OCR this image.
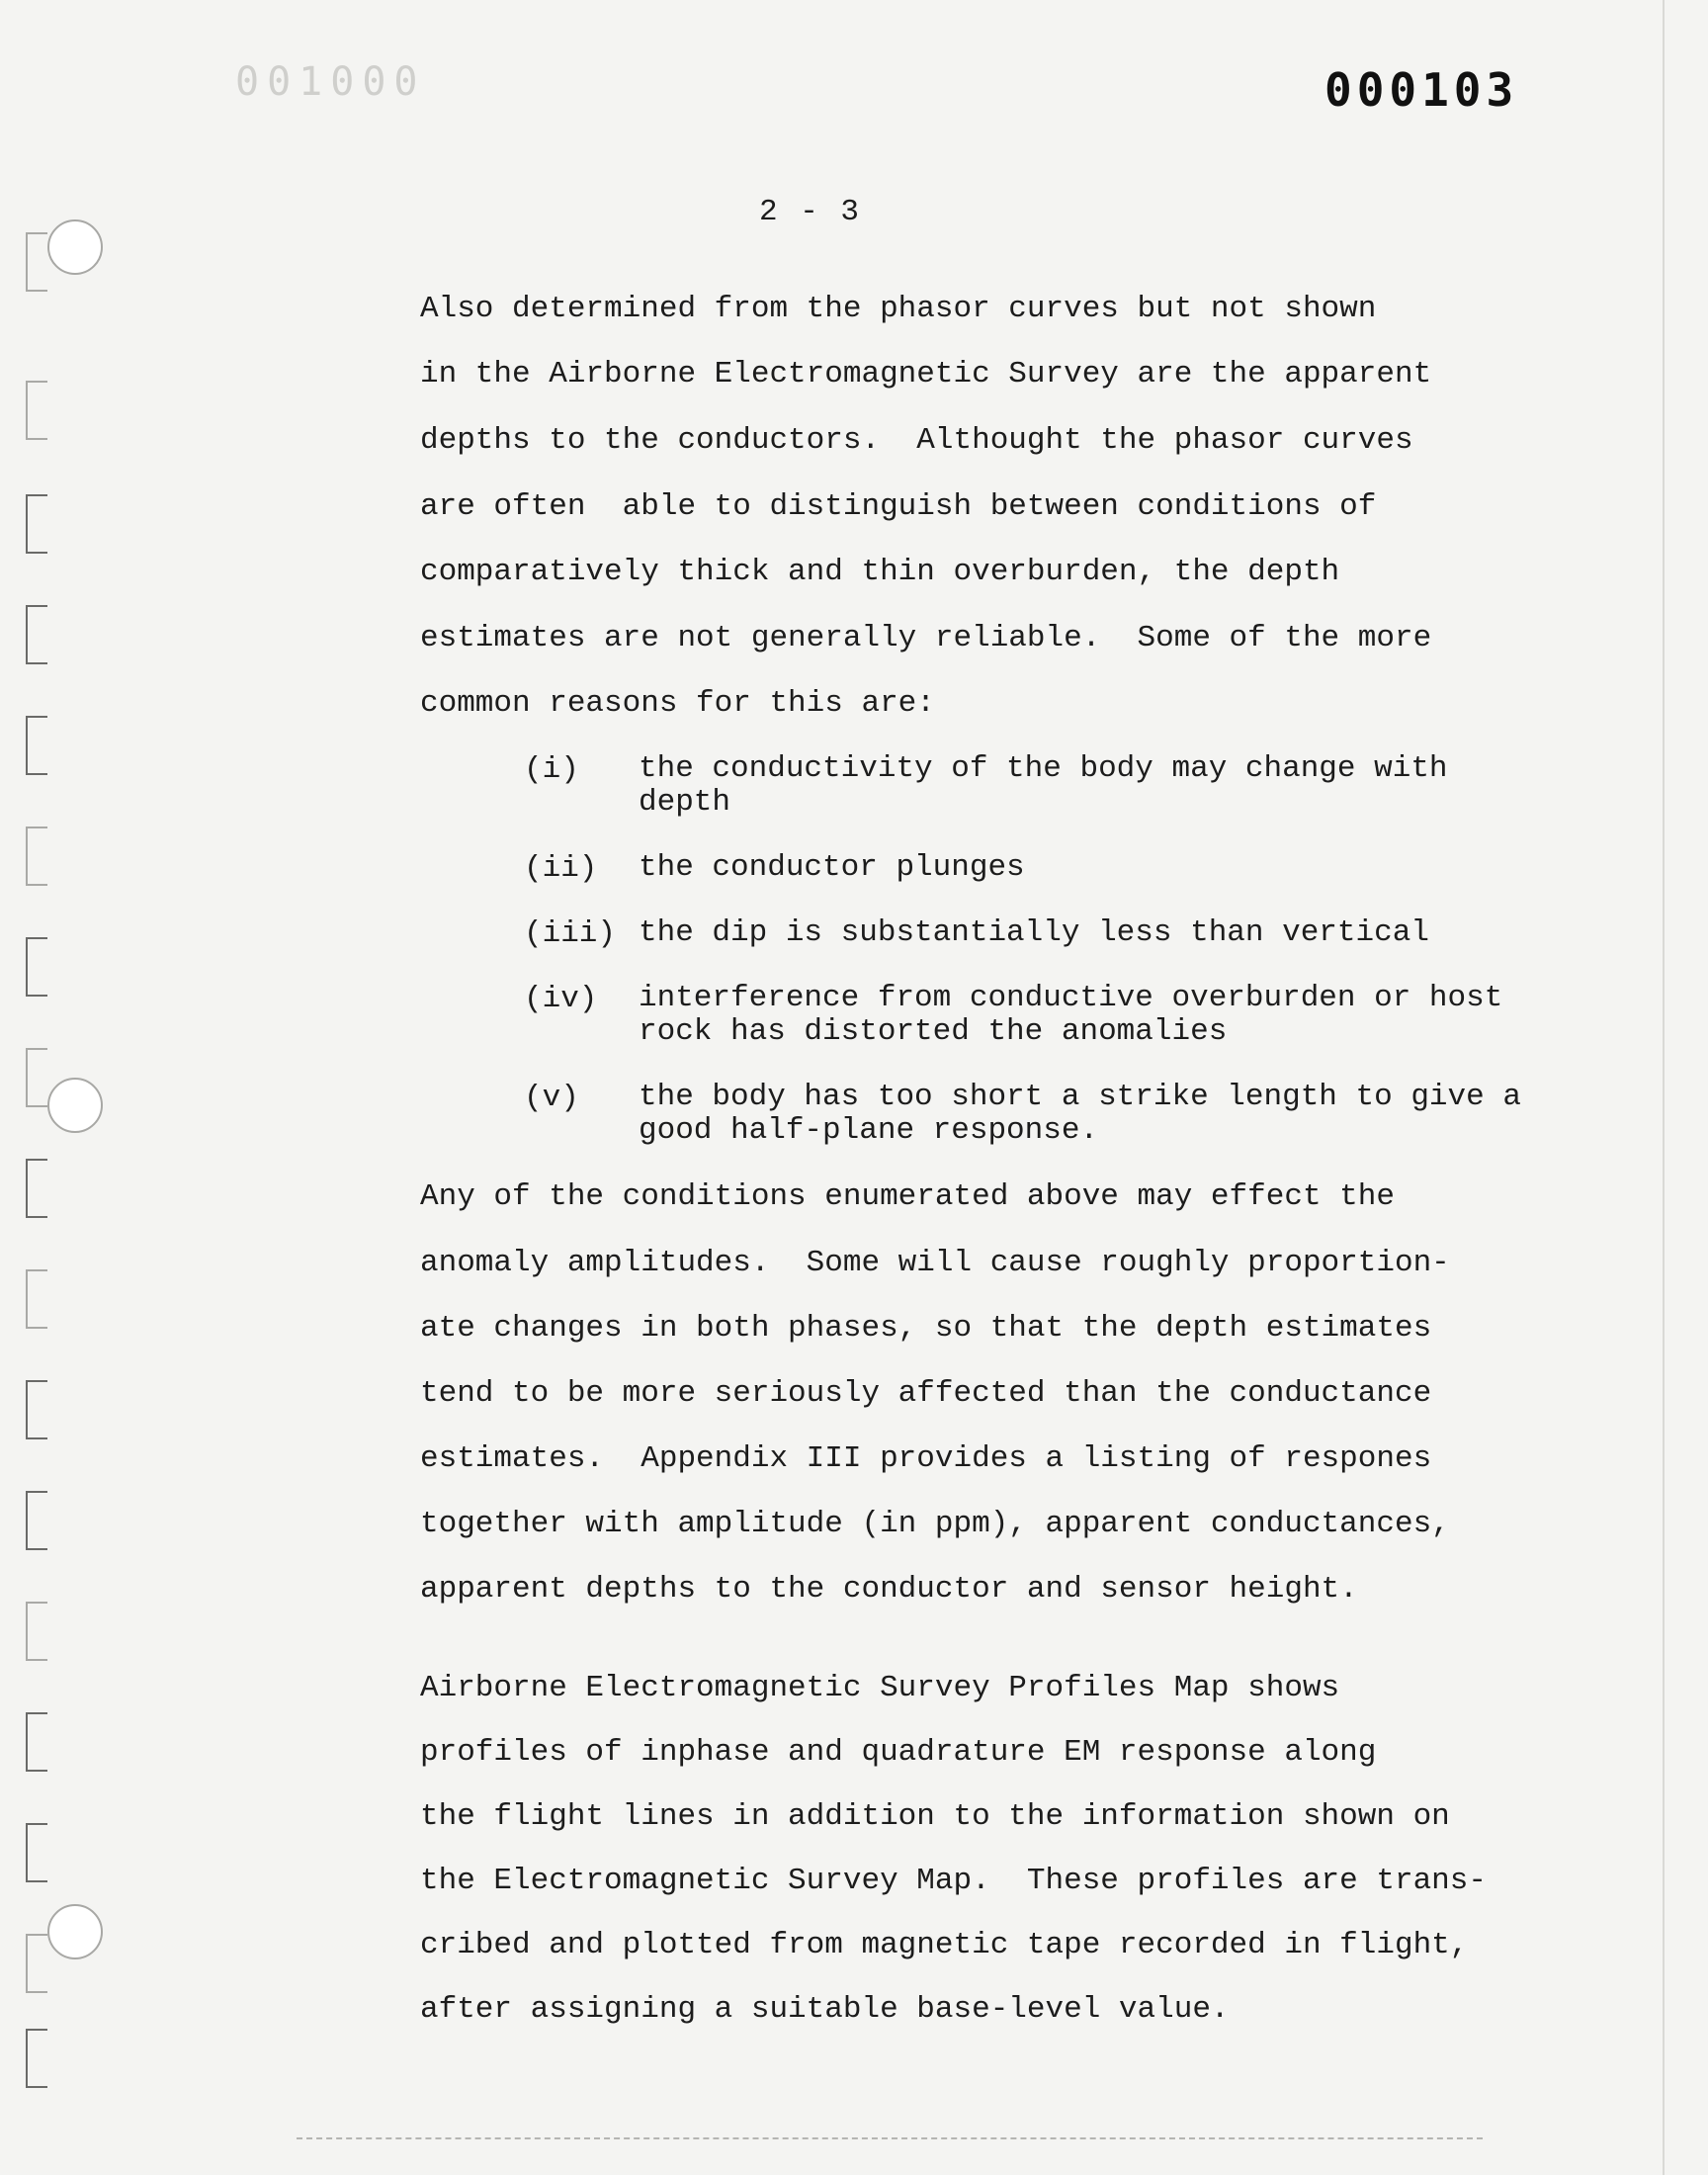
001000	000103
2 - 3
Also determined from the phasor curves but not shown
in the Airborne Electromagnetic Survey are the apparent
depths to the conductors.  Althought the phasor curves
are often  able to distinguish between conditions of
comparatively thick and thin overburden, the depth
estimates are not generally reliable.  Some of the more
common reasons for this are:
(i) the conductivity of the body may change with depth
(ii) the conductor plunges
(iii) the dip is substantially less than vertical
(iv) interference from conductive overburden or host rock has distorted the anomalies
(v) the body has too short a strike length to give a good half-plane response.
Any of the conditions enumerated above may effect the
anomaly amplitudes.  Some will cause roughly proportion-
ate changes in both phases, so that the depth estimates
tend to be more seriously affected than the conductance
estimates.  Appendix III provides a listing of respones
together with amplitude (in ppm), apparent conductances,
apparent depths to the conductor and sensor height.
Airborne Electromagnetic Survey Profiles Map shows
profiles of inphase and quadrature EM response along
the flight lines in addition to the information shown on
the Electromagnetic Survey Map.  These profiles are trans-
cribed and plotted from magnetic tape recorded in flight,
after assigning a suitable base-level value.
